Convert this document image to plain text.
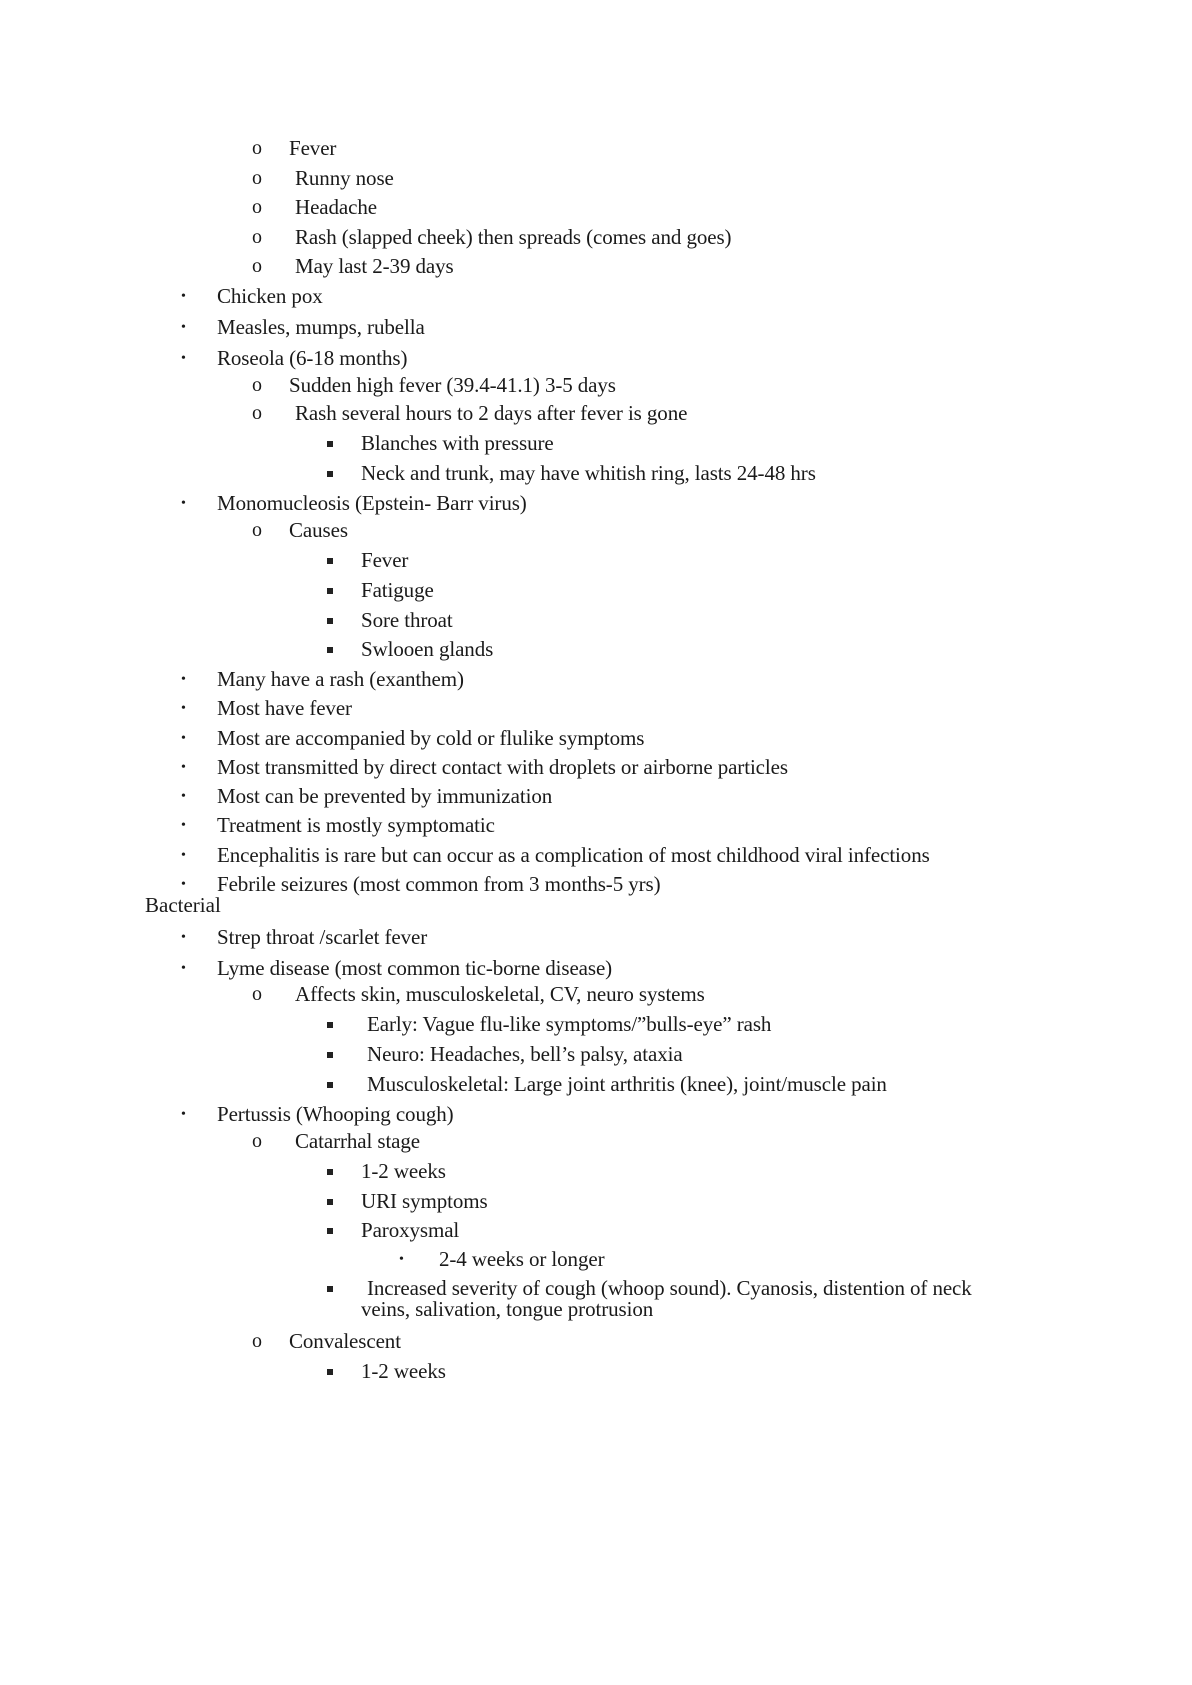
o Fever
o Runny nose
o Headache
o Rash (slapped cheek) then spreads (comes and goes)
o May last 2-39 days
• Chicken pox
• Measles, mumps, rubella
• Roseola (6-18 months)
o Sudden high fever (39.4-41.1) 3-5 days
o Rash several hours to 2 days after fever is gone
Blanches with pressure
Neck and trunk, may have whitish ring, lasts 24-48 hrs
• Monomucleosis (Epstein- Barr virus)
o Causes
Fever
Fatiguge
Sore throat
Swlooen glands
• Many have a rash (exanthem)
• Most have fever
• Most are accompanied by cold or flulike symptoms
• Most transmitted by direct contact with droplets or airborne particles
• Most can be prevented by immunization
• Treatment is mostly symptomatic
• Encephalitis is rare but can occur as a complication of most childhood viral infections
• Febrile seizures (most common from 3 months-5 yrs)
Bacterial
• Strep throat /scarlet fever
• Lyme disease (most common tic-borne disease)
o Affects skin, musculoskeletal, CV, neuro systems
Early: Vague flu-like symptoms/”bulls-eye” rash
Neuro: Headaches, bell’s palsy, ataxia
Musculoskeletal: Large joint arthritis (knee), joint/muscle pain
• Pertussis (Whooping cough)
o Catarrhal stage
1-2 weeks
URI symptoms
Paroxysmal
• 2-4 weeks or longer
Increased severity of cough (whoop sound). Cyanosis, distention of neck
veins, salivation, tongue protrusion
o Convalescent
1-2 weeks
